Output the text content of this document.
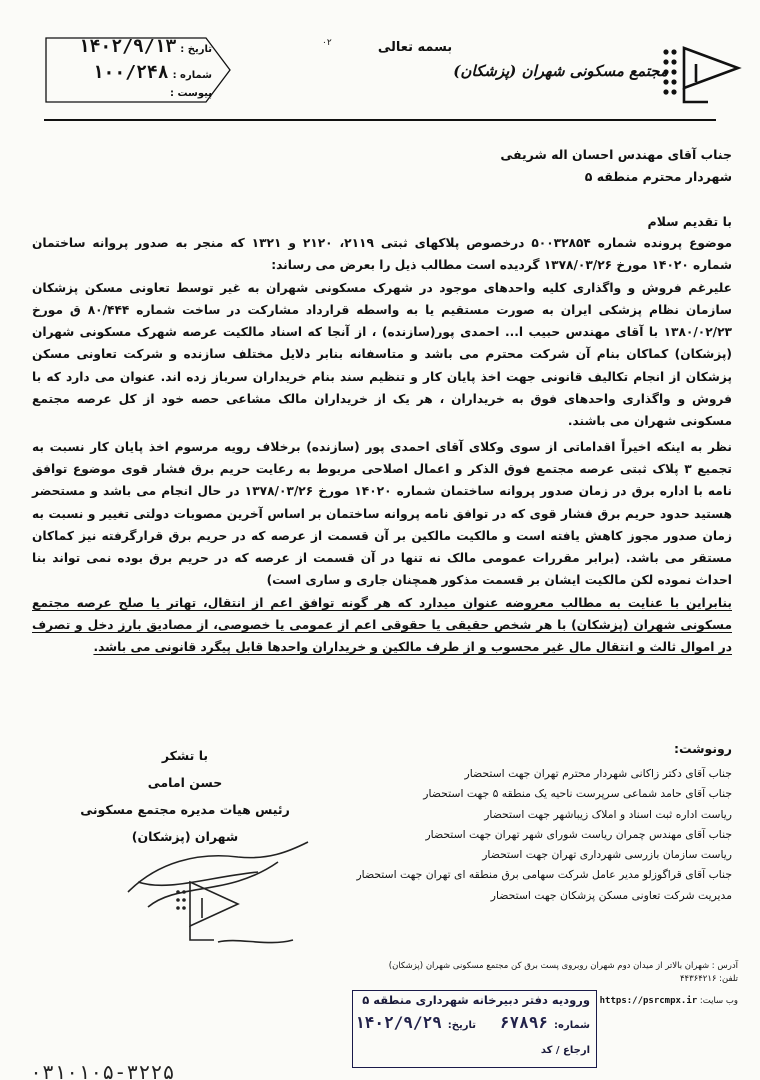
مجتمع مسکونی شهران (پزشکان)
بسمه تعالی
۰۲
تاریخ :۱۴۰۲/۹/۱۳
شماره :۱۰۰/۲۴۸
پیوست :
جناب آقای مهندس احسان اله شریفی
شهردار محترم منطقه ۵
با تقدیم سلام

موضوع پرونده شماره ۵۰۰۳۲۸۵۴ درخصوص پلاکهای ثبتی ۲۱۱۹، ۲۱۲۰ و ۱۳۲۱ که منجر به صدور پروانه ساختمان شماره ۱۴۰۲۰ مورخ ۱۳۷۸/۰۳/۲۶ گردیده است مطالب ذیل را بعرض می رساند:

علیرغم فروش و واگذاری کلیه واحدهای موجود در شهرک مسکونی شهران به غیر توسط تعاونی مسکن پزشکان سازمان نظام پزشکی ایران به صورت مستقیم یا به واسطه قرارداد مشارکت در ساخت شماره ۸۰/۴۴۴ ق مورخ ۱۳۸۰/۰۲/۲۳ با آقای مهندس حبیب ا... احمدی پور(سازنده) ، از آنجا که اسناد مالکیت عرصه شهرک مسکونی شهران (پزشکان) کماکان بنام آن شرکت محترم می باشد و متاسفانه بنابر دلایل مختلف سازنده و شرکت تعاونی مسکن پزشکان از انجام تکالیف قانونی جهت اخذ پایان کار و تنظیم سند بنام خریداران سرباز زده اند. عنوان می دارد که با فروش و واگذاری واحدهای فوق به خریداران ، هر یک از خریداران مالک مشاعی حصه خود از کل عرصه مجتمع مسکونی شهران می باشند.

نظر به اینکه اخیراً اقداماتی از سوی وکلای آقای احمدی پور (سازنده) برخلاف رویه مرسوم اخذ پایان کار نسبت به تجمیع ۳ پلاک ثبتی عرصه مجتمع فوق الذکر و اعمال اصلاحی مربوط به رعایت حریم برق فشار قوی موضوع توافق نامه با اداره برق در زمان صدور پروانه ساختمان شماره ۱۴۰۲۰ مورخ ۱۳۷۸/۰۳/۲۶ در حال انجام می باشد و مستحضر هستید حدود حریم برق فشار قوی که در توافق نامه پروانه ساختمان بر اساس آخرین مصوبات دولتی تغییر و نسبت به زمان صدور مجوز کاهش یافته است و مالکیت مالکین بر آن قسمت از عرصه که در حریم برق قرارگرفته نیز کماکان مستقر می باشد. (برابر مقررات عمومی مالک نه تنها در آن قسمت از عرصه که در حریم برق بوده نمی تواند بنا احداث نموده لکن مالکیت ایشان بر قسمت مذکور همچنان جاری و ساری است)

بنابراین با عنایت به مطالب معروضه عنوان میدارد که هر گونه توافق اعم از انتقال، تهاتر یا صلح عرصه مجتمع مسکونی شهران (پزشکان) با هر شخص حقیقی یا حقوقی اعم از عمومی یا خصوصی، از مصادیق بارز دخل و تصرف در اموال ثالث و انتقال مال غیر محسوب و از طرف مالکین و خریداران واحدها قابل پیگرد قانونی می باشد.

با تشکر
حسن امامی
رئیس هیات مدیره مجتمع مسکونی شهران (پزشکان)
رونوشت:
جناب آقای دکتر زاکانی شهردار محترم تهران جهت استحضار
جناب آقای حامد شماعی سرپرست ناحیه یک منطقه ۵ جهت استحضار
ریاست اداره ثبت اسناد و املاک زیباشهر جهت استحضار
جناب آقای مهندس چمران ریاست شورای شهر تهران جهت استحضار
ریاست سازمان بازرسی شهرداری تهران جهت استحضار
جناب آقای قراگوزلو مدیر عامل شرکت سهامی برق منطقه ای تهران جهت استحضار
مدیریت شرکت تعاونی مسکن پزشکان جهت استحضار
آدرس : شهران بالاتر از میدان دوم شهران روبروی پست برق کن مجتمع مسکونی شهران (پزشکان)
تلفن: ۴۴۳۶۴۲۱۶
وب سایت: https://psrcmpx.ir
ورودیه دفتر دبیرخانه شهرداری منطقه ۵
شماره:۶۷۸۹۶
تاریخ:۱۴۰۲/۹/۲۹
ارجاع / کد
۰۳۱۰۱۰۵-۳۲۲۵
